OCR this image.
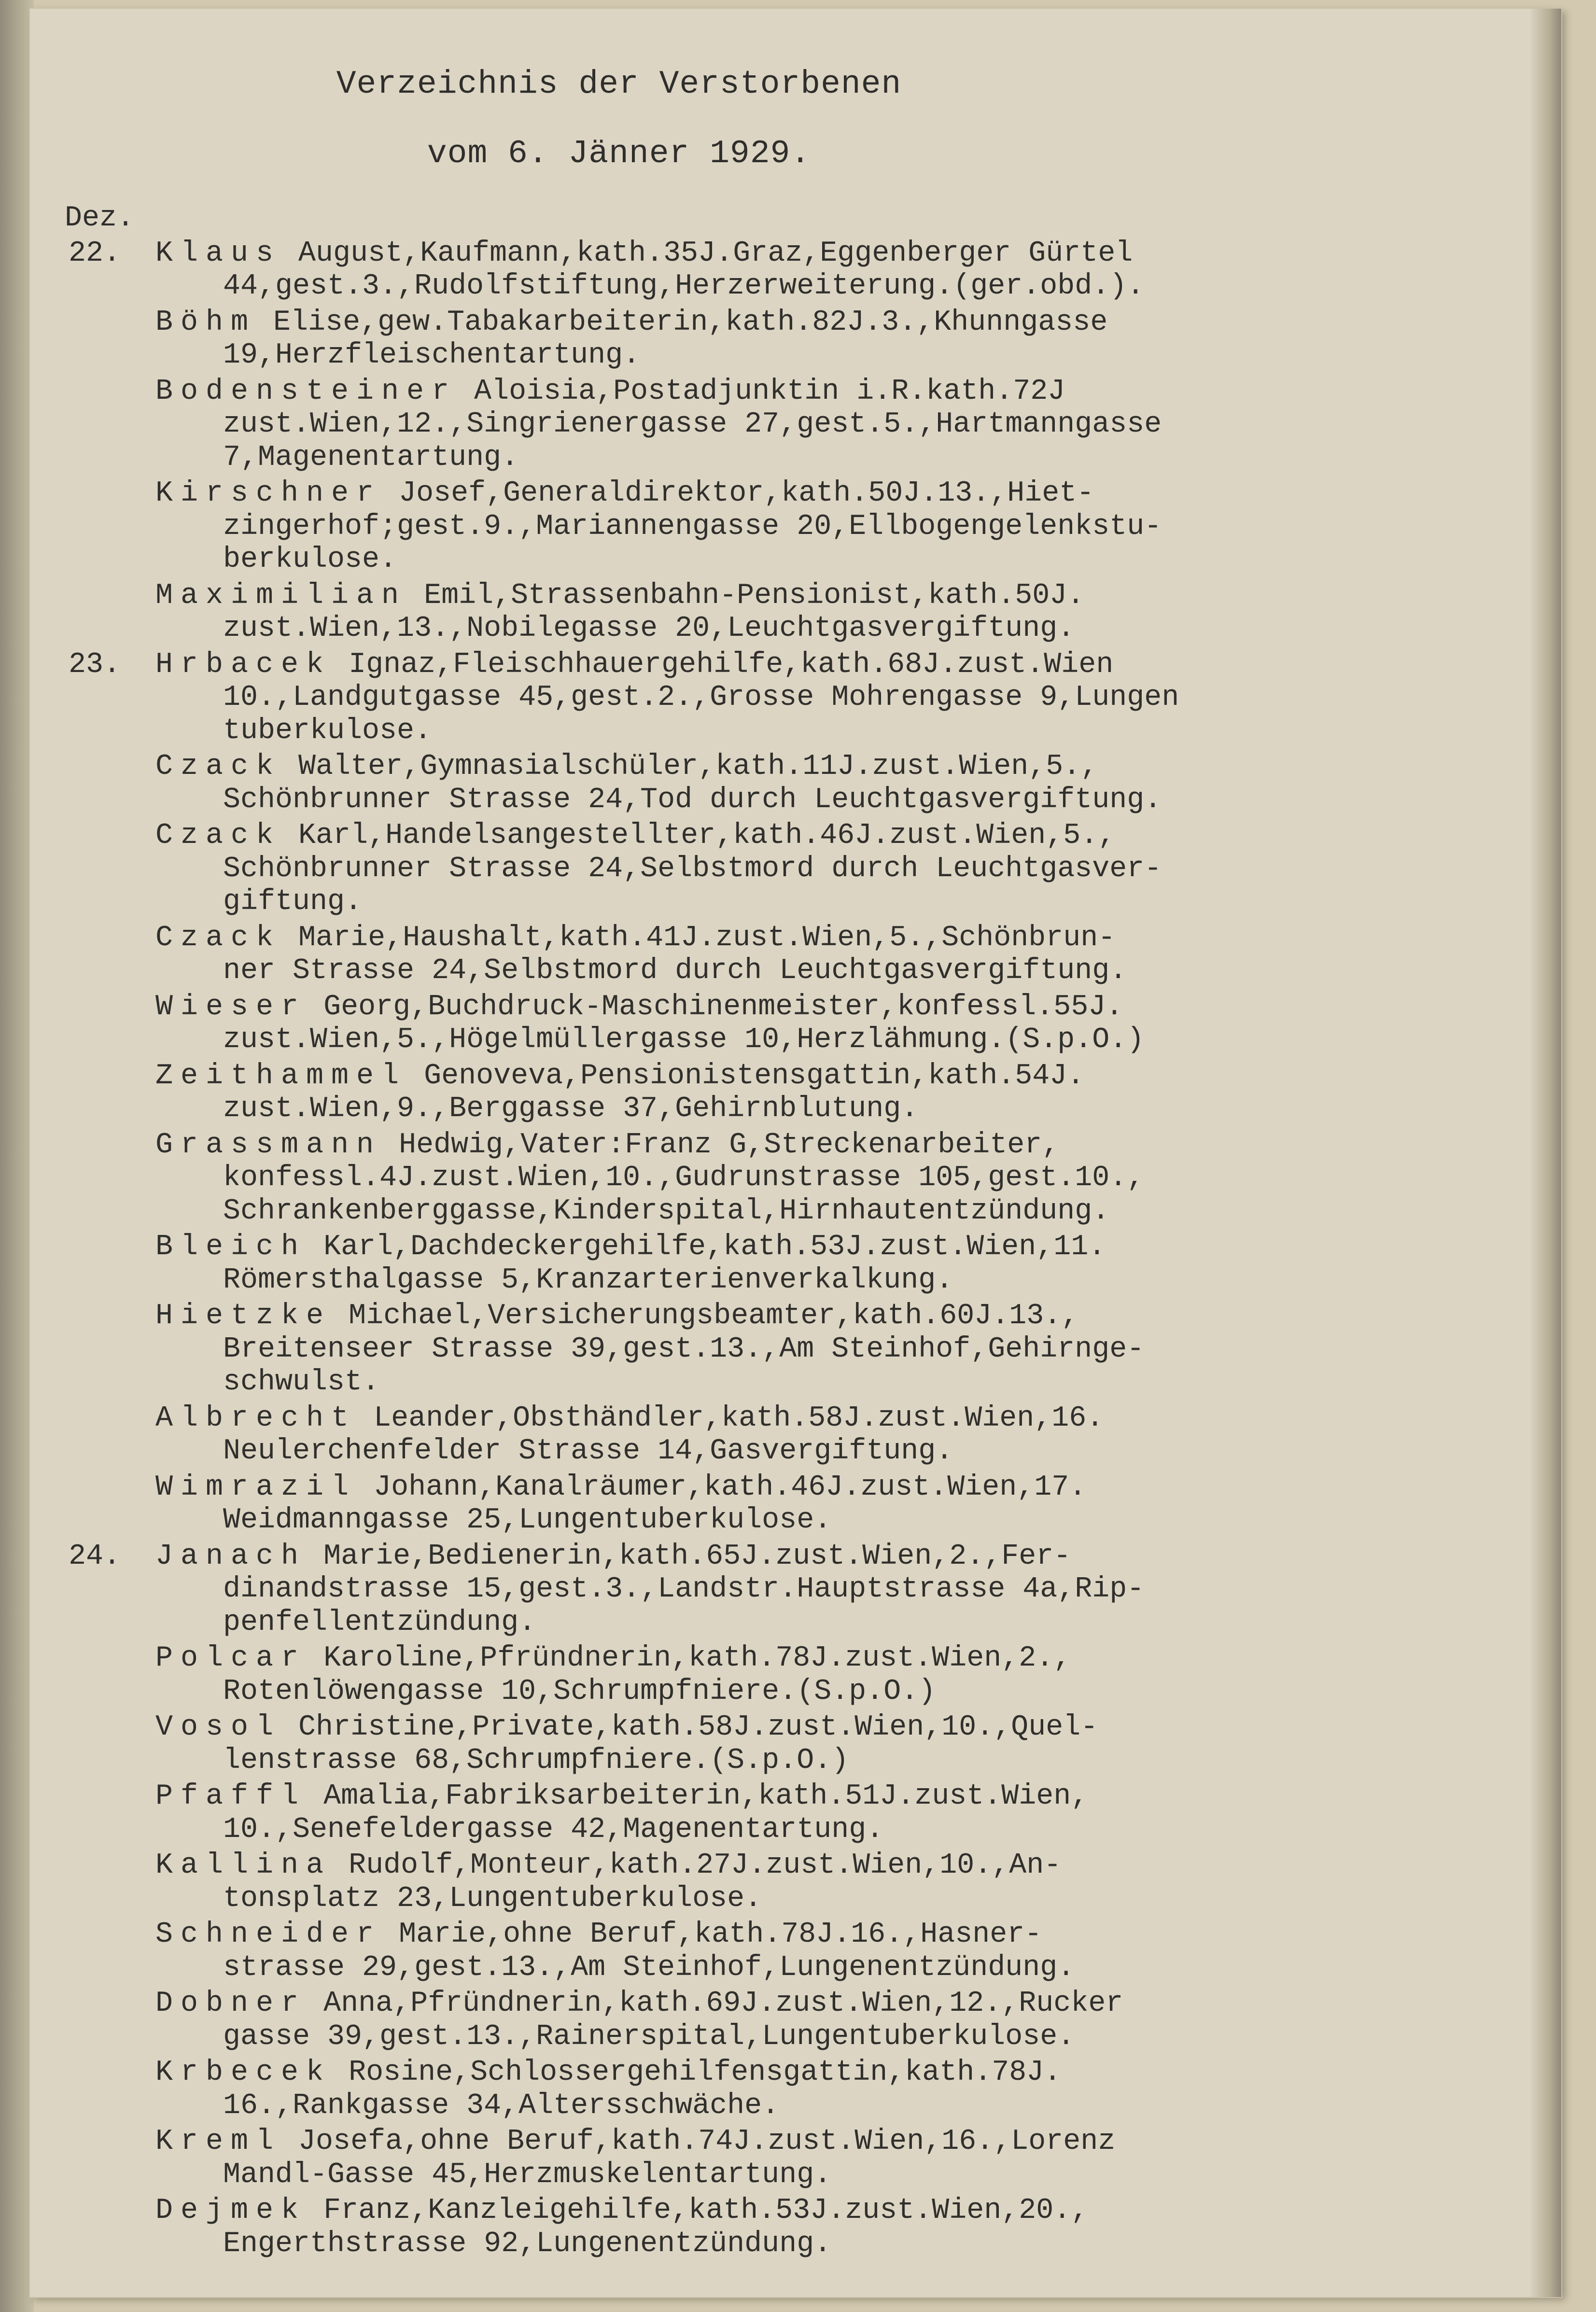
Verzeichnis der Verstorbenen
vom 6. Jänner 1929.
Dez.
22. Klaus August,Kaufmann,kath.35J.Graz,Eggenberger Gürtel
44,gest.3.,Rudolfstiftung,Herzerweiterung.(ger.obd.).
Böhm Elise,gew.Tabakarbeiterin,kath.82J.3.,Khunngasse
19,Herzfleischentartung.
Bodensteiner Aloisia,Postadjunktin i.R.kath.72J
zust.Wien,12.,Singrienergasse 27,gest.5.,Hartmanngasse
7,Magenentartung.
Kirschner Josef,Generaldirektor,kath.50J.13.,Hiet-
zingerhof;gest.9.,Mariannengasse 20,Ellbogengelenkstu-
berkulose.
Maximilian Emil,Strassenbahn-Pensionist,kath.50J.
zust.Wien,13.,Nobilegasse 20,Leuchtgasvergiftung.
23. Hrbacek Ignaz,Fleischhauergehilfe,kath.68J.zust.Wien
10.,Landgutgasse 45,gest.2.,Grosse Mohrengasse 9,Lungen
tuberkulose.
Czack Walter,Gymnasialschüler,kath.11J.zust.Wien,5.,
Schönbrunner Strasse 24,Tod durch Leuchtgasvergiftung.
Czack Karl,Handelsangestellter,kath.46J.zust.Wien,5.,
Schönbrunner Strasse 24,Selbstmord durch Leuchtgasver-
giftung.
Czack Marie,Haushalt,kath.41J.zust.Wien,5.,Schönbrun-
ner Strasse 24,Selbstmord durch Leuchtgasvergiftung.
Wieser Georg,Buchdruck-Maschinenmeister,konfessl.55J.
zust.Wien,5.,Högelmüllergasse 10,Herzlähmung.(S.p.O.)
Zeithammel Genoveva,Pensionistensgattin,kath.54J.
zust.Wien,9.,Berggasse 37,Gehirnblutung.
Grassmann Hedwig,Vater:Franz G,Streckenarbeiter,
konfessl.4J.zust.Wien,10.,Gudrunstrasse 105,gest.10.,
Schrankenberggasse,Kinderspital,Hirnhautentzündung.
Bleich Karl,Dachdeckergehilfe,kath.53J.zust.Wien,11.
Römersthalgasse 5,Kranzarterienverkalkung.
Hietzke Michael,Versicherungsbeamter,kath.60J.13.,
Breitenseer Strasse 39,gest.13.,Am Steinhof,Gehirnge-
schwulst.
Albrecht Leander,Obsthändler,kath.58J.zust.Wien,16.
Neulerchenfelder Strasse 14,Gasvergiftung.
Wimrazil Johann,Kanalräumer,kath.46J.zust.Wien,17.
Weidmanngasse 25,Lungentuberkulose.
24. Janach Marie,Bedienerin,kath.65J.zust.Wien,2.,Fer-
dinandstrasse 15,gest.3.,Landstr.Hauptstrasse 4a,Rip-
penfellentzündung.
Polcar Karoline,Pfründnerin,kath.78J.zust.Wien,2.,
Rotenlöwengasse 10,Schrumpfniere.(S.p.O.)
Vosol Christine,Private,kath.58J.zust.Wien,10.,Quel-
lenstrasse 68,Schrumpfniere.(S.p.O.)
Pfaffl Amalia,Fabriksarbeiterin,kath.51J.zust.Wien,
10.,Senefeldergasse 42,Magenentartung.
Kallina Rudolf,Monteur,kath.27J.zust.Wien,10.,An-
tonsplatz 23,Lungentuberkulose.
Schneider Marie,ohne Beruf,kath.78J.16.,Hasner-
strasse 29,gest.13.,Am Steinhof,Lungenentzündung.
Dobner Anna,Pfründnerin,kath.69J.zust.Wien,12.,Rucker
gasse 39,gest.13.,Rainerspital,Lungentuberkulose.
Krbecek Rosine,Schlossergehilfensgattin,kath.78J.
16.,Rankgasse 34,Altersschwäche.
Kreml Josefa,ohne Beruf,kath.74J.zust.Wien,16.,Lorenz
Mandl-Gasse 45,Herzmuskelentartung.
Dejmek Franz,Kanzleigehilfe,kath.53J.zust.Wien,20.,
Engerthstrasse 92,Lungenentzündung.
